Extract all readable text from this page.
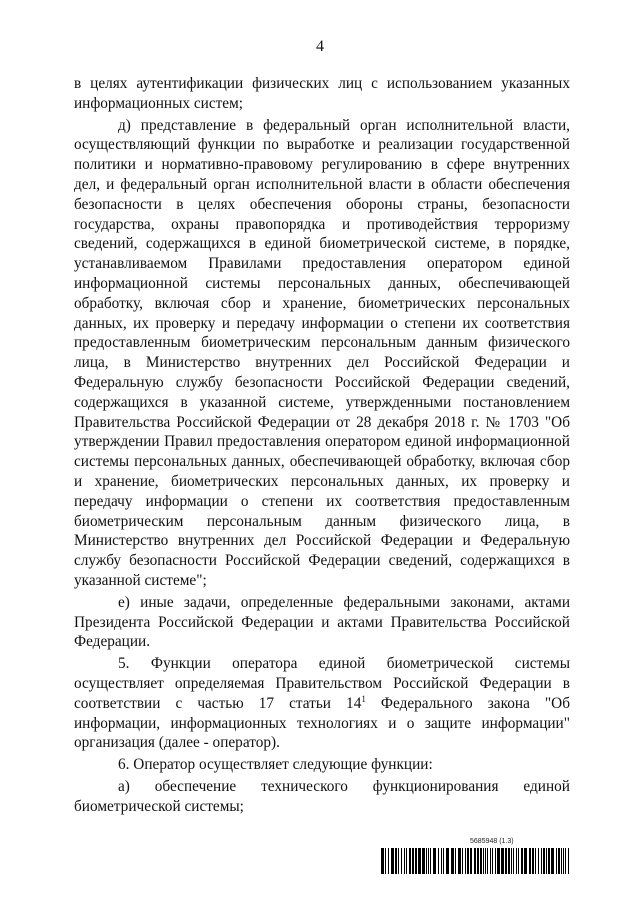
4

в целях аутентификации физических лиц с использованием указанных информационных систем;

д) представление в федеральный орган исполнительной власти, осуществляющий функции по выработке и реализации государственной политики и нормативно-правовому регулированию в сфере внутренних дел, и федеральный орган исполнительной власти в области обеспечения безопасности в целях обеспечения обороны страны, безопасности государства, охраны правопорядка и противодействия терроризму сведений, содержащихся в единой биометрической системе, в порядке, устанавливаемом Правилами предоставления оператором единой информационной системы персональных данных, обеспечивающей обработку, включая сбор и хранение, биометрических персональных данных, их проверку и передачу информации о степени их соответствия предоставленным биометрическим персональным данным физического лица, в Министерство внутренних дел Российской Федерации и Федеральную службу безопасности Российской Федерации сведений, содержащихся в указанной системе, утвержденными постановлением Правительства Российской Федерации от 28 декабря 2018 г. № 1703 "Об утверждении Правил предоставления оператором единой информационной системы персональных данных, обеспечивающей обработку, включая сбор и хранение, биометрических персональных данных, их проверку и передачу информации о степени их соответствия предоставленным биометрическим персональным данным физического лица, в Министерство внутренних дел Российской Федерации и Федеральную службу безопасности Российской Федерации сведений, содержащихся в указанной системе";

е) иные задачи, определенные федеральными законами, актами Президента Российской Федерации и актами Правительства Российской Федерации.

5. Функции оператора единой биометрической системы осуществляет определяемая Правительством Российской Федерации в соответствии с частью 17 статьи $14^1$ Федерального закона "Об информации, информационных технологиях и о защите информации" организация (далее - оператор).

6. Оператор осуществляет следующие функции:

а) обеспечение технического функционирования единой биометрической системы;

5685948 (1.3)
